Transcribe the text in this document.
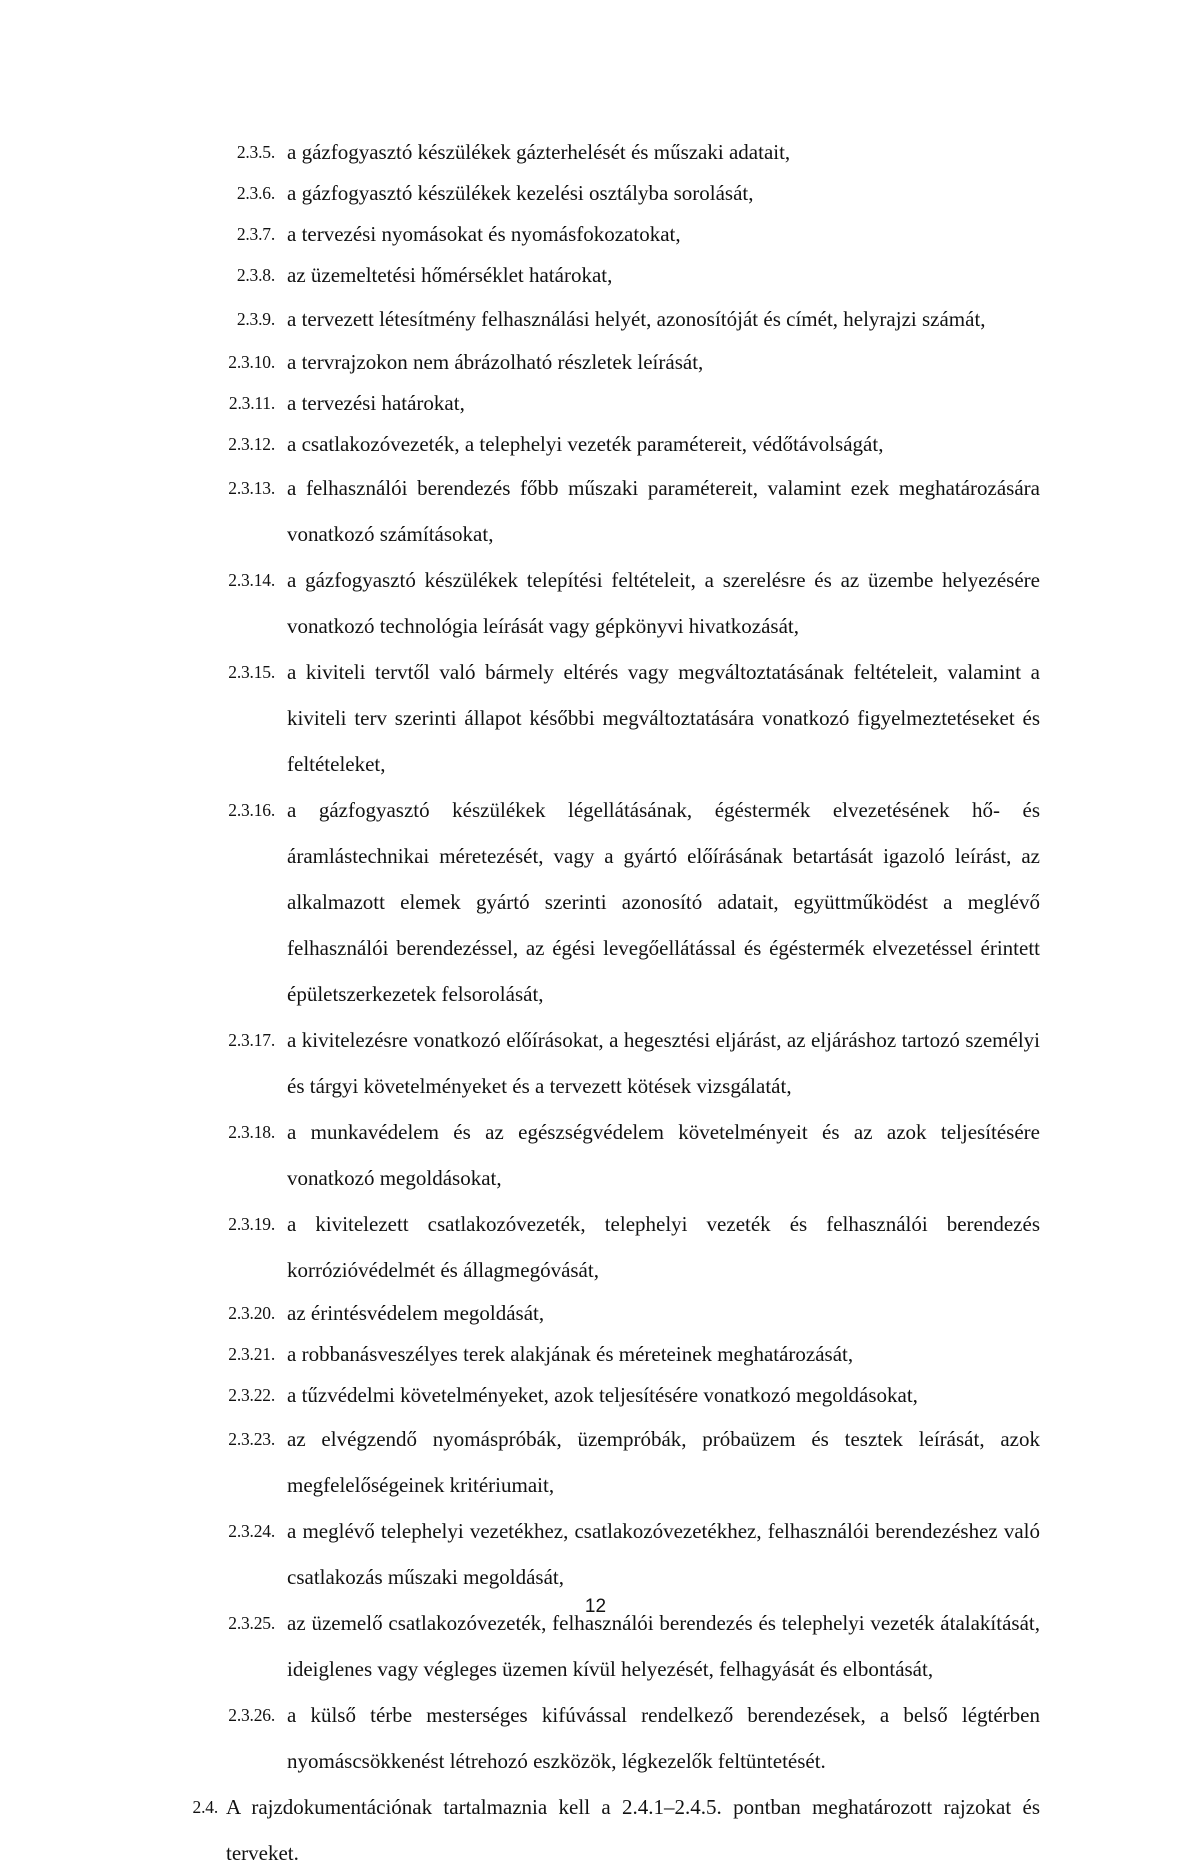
2.3.5. a gázfogyasztó készülékek gázterhelését és műszaki adatait,
2.3.6. a gázfogyasztó készülékek kezelési osztályba sorolását,
2.3.7. a tervezési nyomásokat és nyomásfokozatokat,
2.3.8. az üzemeltetési hőmérséklet határokat,
2.3.9. a tervezett létesítmény felhasználási helyét, azonosítóját és címét, helyrajzi számát,
2.3.10. a tervrajzokon nem ábrázolható részletek leírását,
2.3.11. a tervezési határokat,
2.3.12. a csatlakozóvezeték, a telephelyi vezeték paramétereit, védőtávolságát,
2.3.13. a felhasználói berendezés főbb műszaki paramétereit, valamint ezek meghatározására vonatkozó számításokat,
2.3.14. a gázfogyasztó készülékek telepítési feltételeit, a szerelésre és az üzembe helyezésére vonatkozó technológia leírását vagy gépkönyvi hivatkozását,
2.3.15. a kiviteli tervtől való bármely eltérés vagy megváltoztatásának feltételeit, valamint a kiviteli terv szerinti állapot későbbi megváltoztatására vonatkozó figyelmeztetéseket és feltételeket,
2.3.16. a gázfogyasztó készülékek légellátásának, égéstermék elvezetésének hő- és áramlástechnikai méretezését, vagy a gyártó előírásának betartását igazoló leírást, az alkalmazott elemek gyártó szerinti azonosító adatait, együttműködést a meglévő felhasználói berendezéssel, az égési levegőellátással és égéstermék elvezetéssel érintett épületszerkezetek felsorolását,
2.3.17. a kivitelezésre vonatkozó előírásokat, a hegesztési eljárást, az eljáráshoz tartozó személyi és tárgyi követelményeket és a tervezett kötések vizsgálatát,
2.3.18. a munkavédelem és az egészségvédelem követelményeit és az azok teljesítésére vonatkozó megoldásokat,
2.3.19. a kivitelezett csatlakozóvezeték, telephelyi vezeték és felhasználói berendezés korrózióvédelmét és állagmegóvását,
2.3.20. az érintésvédelem megoldását,
2.3.21. a robbanásveszélyes terek alakjának és méreteinek meghatározását,
2.3.22. a tűzvédelmi követelményeket, azok teljesítésére vonatkozó megoldásokat,
2.3.23. az elvégzendő nyomáspróbák, üzempróbák, próbaüzem és tesztek leírását, azok megfelelőségeinek kritériumait,
2.3.24. a meglévő telephelyi vezetékhez, csatlakozóvezetékhez, felhasználói berendezéshez való csatlakozás műszaki megoldását,
2.3.25. az üzemelő csatlakozóvezeték, felhasználói berendezés és telephelyi vezeték átalakítását, ideiglenes vagy végleges üzemen kívül helyezését, felhagyását és elbontását,
2.3.26. a külső térbe mesterséges kifúvással rendelkező berendezések, a belső légtérben nyomáscsökkenést létrehozó eszközök, légkezelők feltüntetését.
2.4. A rajzdokumentációnak tartalmaznia kell a 2.4.1–2.4.5. pontban meghatározott rajzokat és terveket.
12
